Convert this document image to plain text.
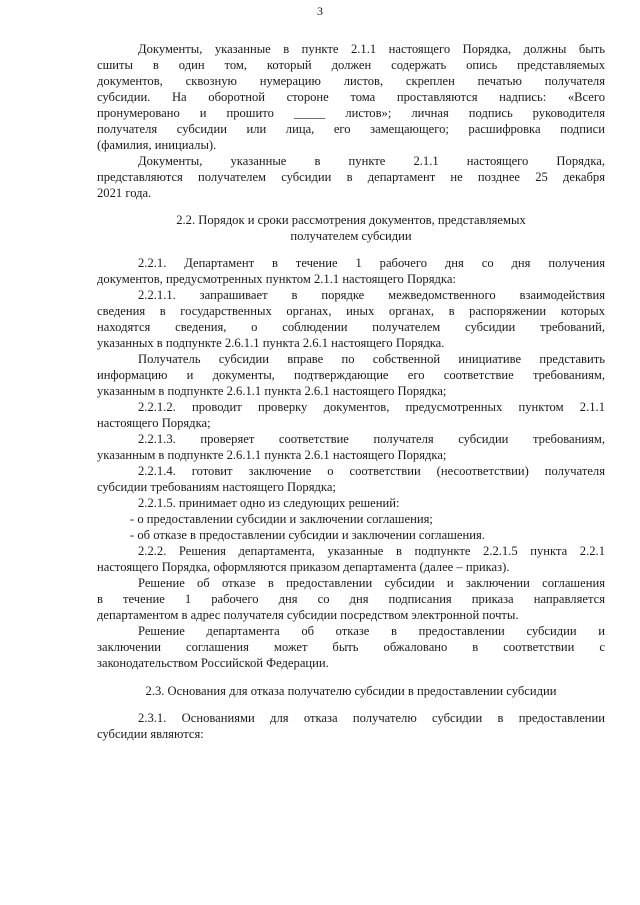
3
Документы, указанные в пункте 2.1.1 настоящего Порядка, должны быть
сшиты в один том, который должен содержать опись представляемых
документов, сквозную нумерацию листов, скреплен печатью получателя
субсидии. На оборотной стороне тома проставляются надпись: «Всего
пронумеровано и прошито _____ листов»; личная подпись руководителя
получателя субсидии или лица, его замещающего; расшифровка подписи
(фамилия, инициалы).
Документы, указанные в пункте 2.1.1 настоящего Порядка,
представляются получателем субсидии в департамент не позднее 25 декабря
2021 года.
2.2. Порядок и сроки рассмотрения документов, представляемых
получателем субсидии
2.2.1. Департамент в течение 1 рабочего дня со дня получения
документов, предусмотренных пунктом 2.1.1 настоящего Порядка:
2.2.1.1. запрашивает в порядке межведомственного взаимодействия
сведения в государственных органах, иных органах, в распоряжении которых
находятся сведения, о соблюдении получателем субсидии требований,
указанных в подпункте 2.6.1.1 пункта 2.6.1 настоящего Порядка.
Получатель субсидии вправе по собственной инициативе представить
информацию и документы, подтверждающие его соответствие требованиям,
указанным в подпункте 2.6.1.1 пункта 2.6.1 настоящего Порядка;
2.2.1.2. проводит проверку документов, предусмотренных пунктом 2.1.1
настоящего Порядка;
2.2.1.3. проверяет соответствие получателя субсидии требованиям,
указанным в подпункте 2.6.1.1 пункта 2.6.1 настоящего Порядка;
2.2.1.4. готовит заключение о соответствии (несоответствии) получателя
субсидии требованиям настоящего Порядка;
2.2.1.5. принимает одно из следующих решений:
- о предоставлении субсидии и заключении соглашения;
- об отказе в предоставлении субсидии и заключении соглашения.
2.2.2. Решения департамента, указанные в подпункте 2.2.1.5 пункта 2.2.1
настоящего Порядка, оформляются приказом департамента (далее – приказ).
Решение об отказе в предоставлении субсидии и заключении соглашения
в течение 1 рабочего дня со дня подписания приказа направляется
департаментом в адрес получателя субсидии посредством электронной почты.
Решение департамента об отказе в предоставлении субсидии и
заключении соглашения может быть обжаловано в соответствии с
законодательством Российской Федерации.
2.3. Основания для отказа получателю субсидии в предоставлении субсидии
2.3.1. Основаниями для отказа получателю субсидии в предоставлении
субсидии являются:
